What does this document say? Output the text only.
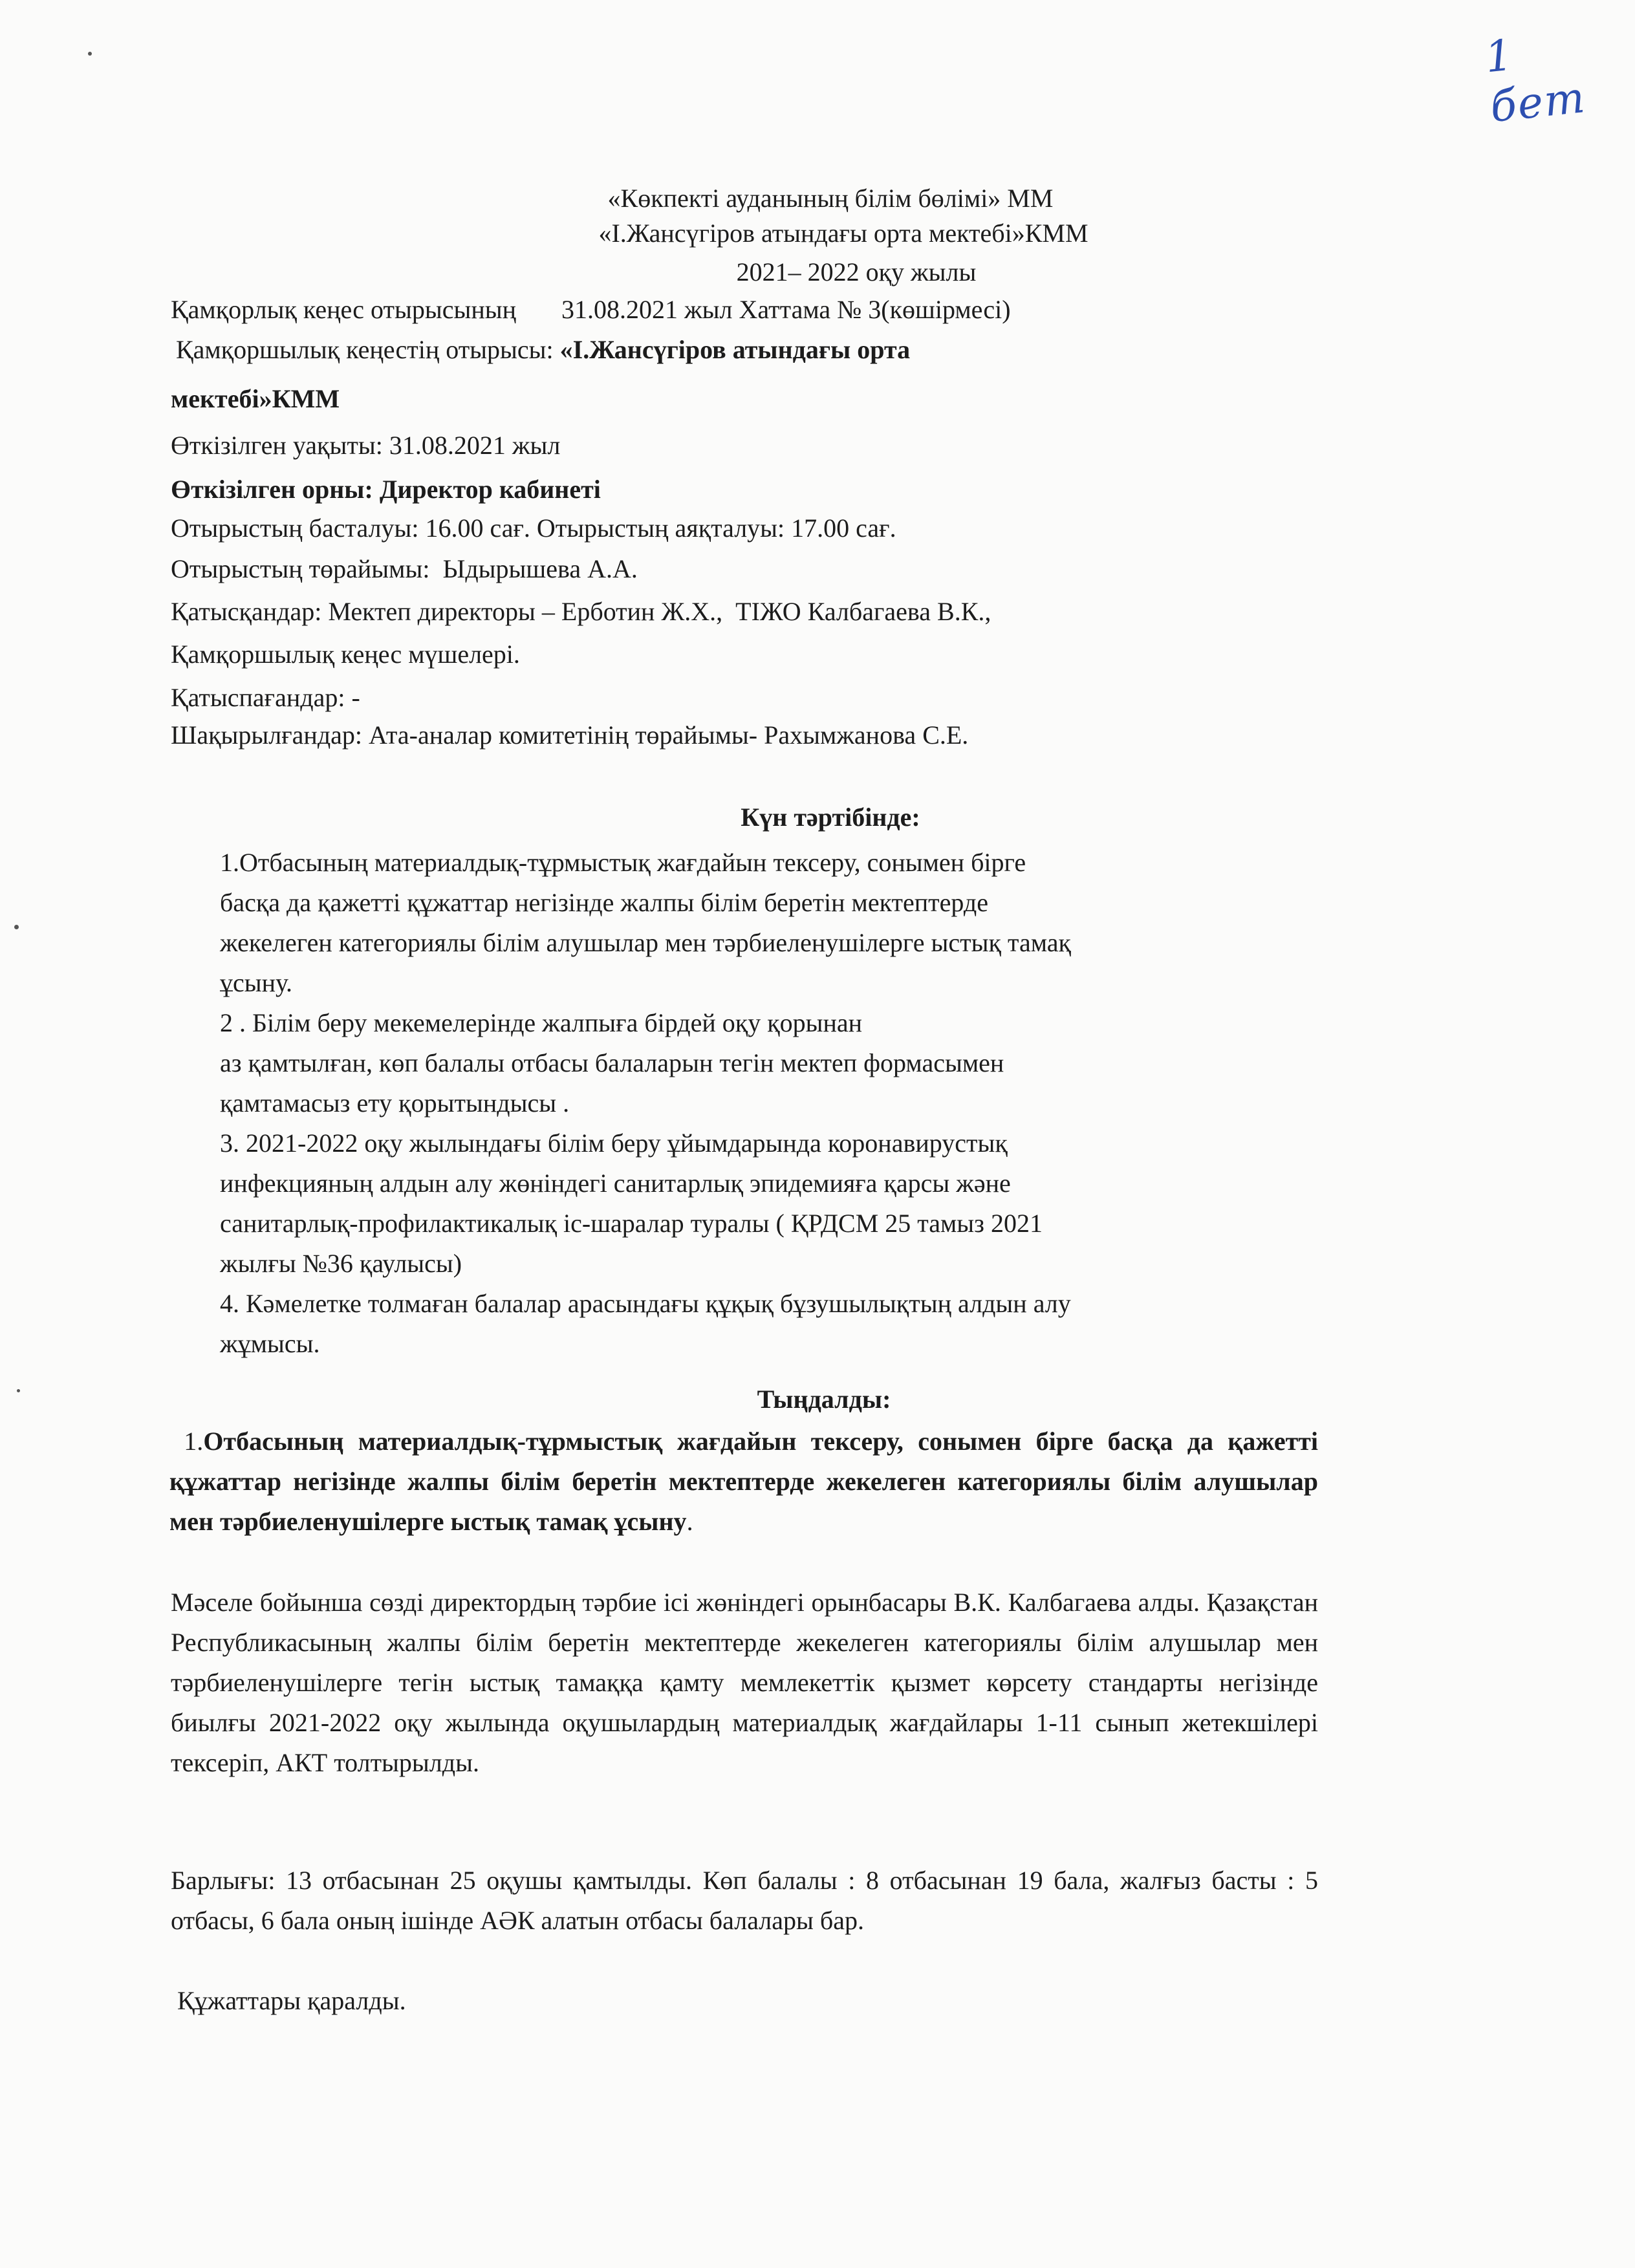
1 бет
«Көкпекті ауданының білім бөлімі» ММ
«І.Жансүгіров атындағы орта мектебі»КММ
2021– 2022 оқу жылы
Қамқорлық кеңес отырысының       31.08.2021 жыл Хаттама № 3(көшірмесі)
Қамқоршылық кеңестің отырысы: «І.Жансүгіров атындағы орта
мектебі»КММ
Өткізілген уақыты: 31.08.2021 жыл
Өткізілген орны: Директор кабинеті
Отырыстың басталуы: 16.00 сағ. Отырыстың аяқталуы: 17.00 сағ.
Отырыстың төрайымы:  Ыдырышева А.А.
Қатысқандар: Мектеп директоры – Ерботин Ж.Х.,  ТІЖО Калбагаева В.К.,
Қамқоршылық кеңес мүшелері.
Қатыспағандар: -
Шақырылғандар: Ата-аналар комитетінің төрайымы- Рахымжанова С.Е.
Күн тәртібінде:
1.Отбасының материалдық-тұрмыстық жағдайын тексеру, сонымен бірге
басқа да қажетті құжаттар негізінде жалпы білім беретін мектептерде
жекелеген категориялы білім алушылар мен тәрбиеленушілерге ыстық тамақ
ұсыну.
2 . Білім беру мекемелерінде жалпыға бірдей оқу қорынан
аз қамтылған, көп балалы отбасы балаларын тегін мектеп формасымен
қамтамасыз ету қорытындысы .
3. 2021-2022 оқу жылындағы білім беру ұйымдарында коронавирустық
инфекцияның алдын алу жөніндегі санитарлық эпидемияға қарсы және
санитарлық-профилактикалық іс-шаралар туралы ( ҚРДСМ 25 тамыз 2021
жылғы №36 қаулысы)
4. Кәмелетке толмаған балалар арасындағы құқық бұзушылықтың алдын алу
жұмысы.
Тыңдалды:
1.Отбасының материалдық-тұрмыстық жағдайын тексеру, сонымен бірге басқа да қажетті құжаттар негізінде жалпы білім беретін мектептерде жекелеген категориялы білім алушылар мен тәрбиеленушілерге ыстық тамақ ұсыну.
Мәселе бойынша сөзді директордың тәрбие ісі жөніндегі орынбасары В.К. Калбагаева алды. Қазақстан Республикасының жалпы білім беретін мектептерде жекелеген категориялы білім алушылар мен тәрбиеленушілерге тегін ыстық тамаққа қамту мемлекеттік қызмет көрсету стандарты негізінде биылғы 2021-2022 оқу жылында оқушылардың материалдық жағдайлары 1-11 сынып жетекшілері тексеріп, АКТ толтырылды.
Барлығы: 13 отбасынан 25 оқушы қамтылды. Көп балалы : 8 отбасынан 19 бала, жалғыз басты : 5 отбасы, 6 бала оның ішінде АӘК алатын отбасы балалары бар.
Құжаттары қаралды.
